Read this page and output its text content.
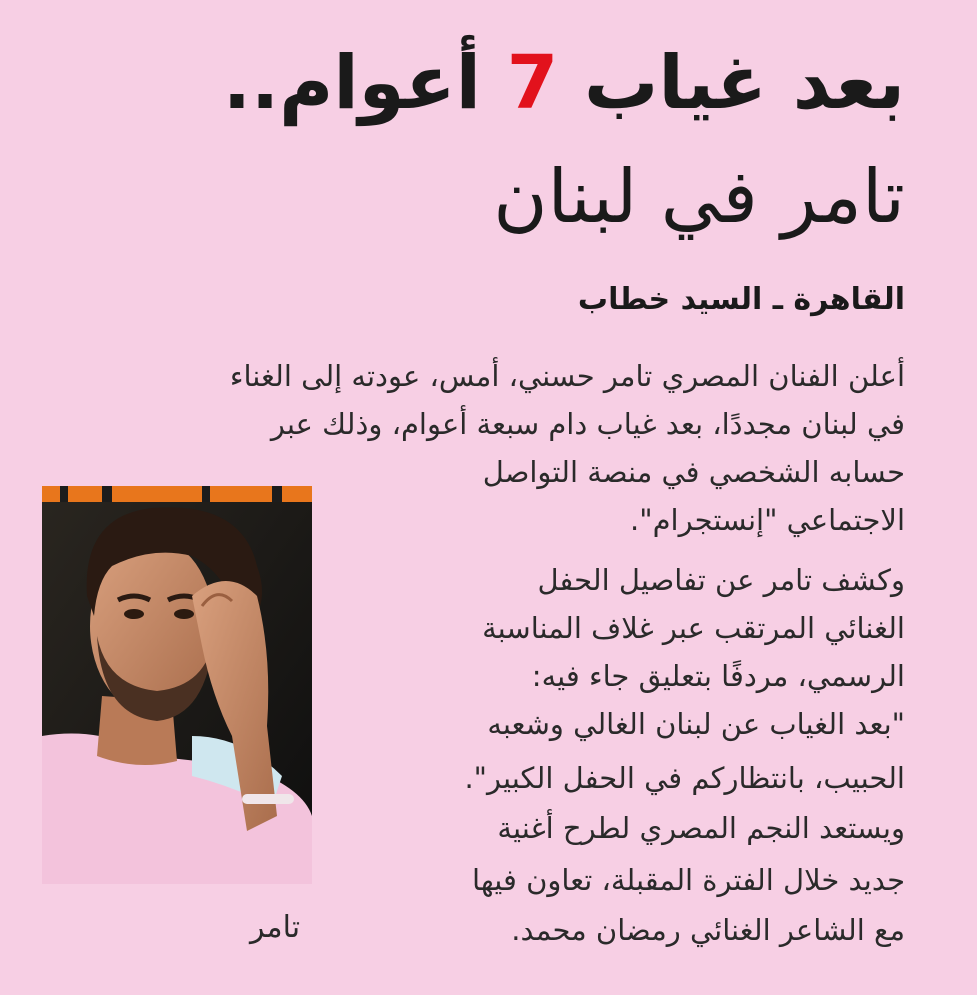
بعد غياب 7 أعوام..
تامر في لبنان
القاهرة ـ السيد خطاب
أعلن الفنان المصري تامر حسني، أمس، عودته إلى الغناء
في لبنان مجددًا، بعد غياب دام سبعة أعوام، وذلك عبر
حسابه الشخصي في منصة التواصل
الاجتماعي "إنستجرام".
وكشف تامر عن تفاصيل الحفل
الغنائي المرتقب عبر غلاف المناسبة
الرسمي، مردفًا بتعليق جاء فيه:
"بعد الغياب عن لبنان الغالي وشعبه
الحبيب، بانتظاركم في الحفل الكبير".
ويستعد النجم المصري لطرح أغنية
جديد خلال الفترة المقبلة، تعاون فيها
مع الشاعر الغنائي رمضان محمد.
تامر
